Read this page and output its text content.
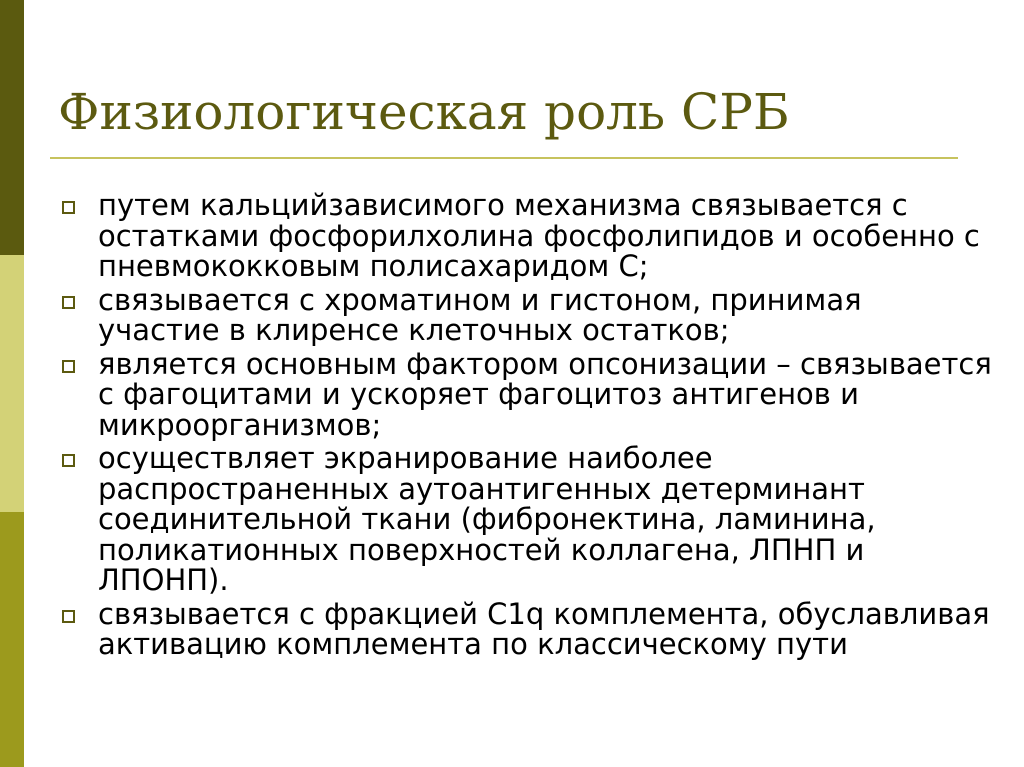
Физиологическая роль СРБ
путем кальцийзависимого механизма связывается с остатками фосфорилхолина фосфолипидов и особенно с пневмококковым полисахаридом С;
связывается с хроматином и гистоном, принимая участие в клиренсе клеточных остатков;
является основным фактором опсонизации – связывается с фагоцитами и ускоряет фагоцитоз антигенов и микроорганизмов;
осуществляет экранирование наиболее распространенных аутоантигенных детерминант соединительной ткани (фибронектина, ламинина, поликатионных поверхностей коллагена, ЛПНП и ЛПОНП).
связывается с фракцией C1q комплемента, обуславливая активацию комплемента по классическому пути
